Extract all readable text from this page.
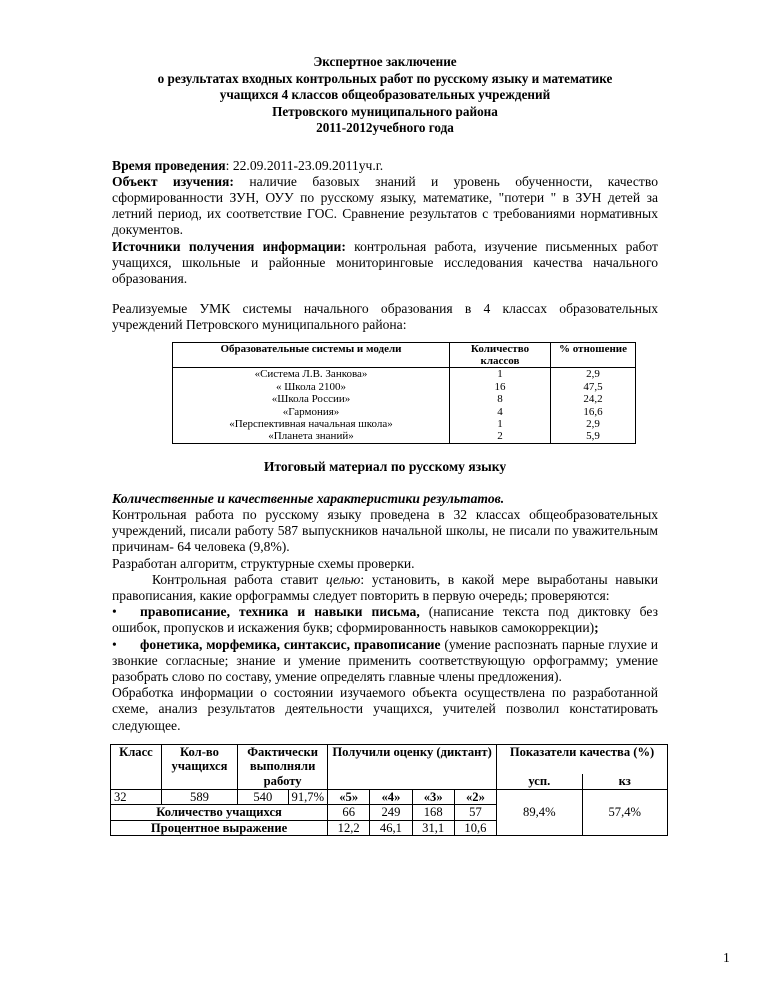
Экспертное заключение
о результатах входных контрольных работ по русскому языку и математике
учащихся 4 классов общеобразовательных учреждений
Петровского муниципального района
2011-2012учебного года
Время проведения: 22.09.2011-23.09.2011уч.г.
Объект изучения: наличие базовых знаний и уровень обученности, качество сформированности ЗУН, ОУУ по русскому языку, математике, "потери " в ЗУН детей за летний период, их соответствие ГОС. Сравнение результатов с требованиями нормативных документов.
Источники получения информации: контрольная работа, изучение письменных работ учащихся, школьные и районные мониторинговые исследования качества начального образования.
Реализуемые УМК системы начального образования в 4 классах образовательных учреждений Петровского муниципального района:
Образовательные системы и модели	Количество классов	% отношение
«Система Л.В. Занкова»	1	2,9
« Школа 2100»	16	47,5
«Школа России»	8	24,2
«Гармония»	4	16,6
«Перспективная начальная школа»	1	2,9
«Планета знаний»	2	5,9
Итоговый материал по русскому языку
Количественные и качественные характеристики результатов.
Контрольная работа по русскому языку проведена в 32 классах общеобразовательных учреждений, писали работу 587 выпускников начальной школы, не писали по уважительным причинам- 64 человека (9,8%).
Разработан алгоритм, структурные схемы проверки.
Контрольная работа ставит целью: установить, в какой мере выработаны навыки правописания, какие орфограммы следует повторить в первую очередь; проверяются:
• правописание, техника и навыки письма, (написание текста под диктовку без ошибок, пропусков и искажения букв; сформированность навыков самокоррекции);
• фонетика, морфемика, синтаксис, правописание (умение распознать парные глухие и звонкие согласные; знание и умение применить соответствующую орфограмму; умение разобрать слово по составу, умение определять главные члены предложения).
Обработка информации о состоянии изучаемого объекта осуществлена по разработанной схеме, анализ результатов деятельности учащихся, учителей позволил констатировать следующее.
Класс	Кол-во учащихся	Фактически выполняли работу		Получили оценку (диктант)				Показатели качества (%)	
								усп.	кз
32	589	540	91,7%	«5»	«4»	«3»	«2»	89,4%	57,4%
Количество учащихся				66	249	168	57		
Процентное выражение				12,2	46,1	31,1	10,6		
1
